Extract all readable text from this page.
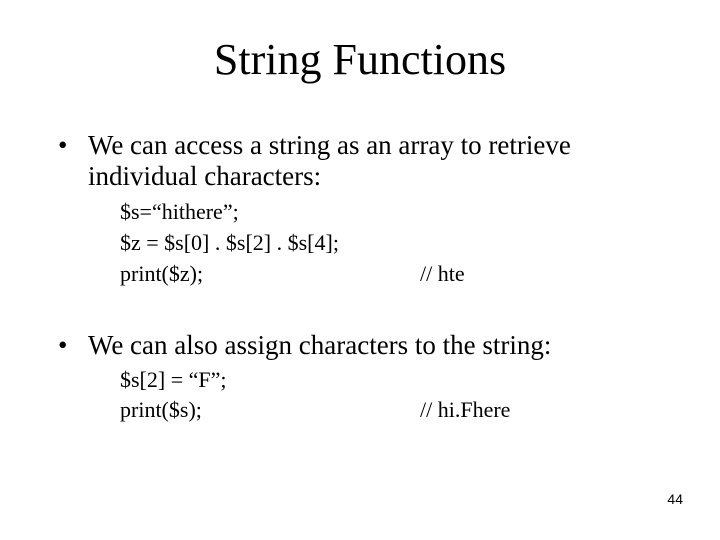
String Functions
• We can access a string as an array to retrieve
individual characters:
$s=“hithere”;
$z = $s[0] . $s[2] . $s[4];
print($z);	// hte
• We can also assign characters to the string:
$s[2] = “F”;
print($s);	// hi.Fhere
44
